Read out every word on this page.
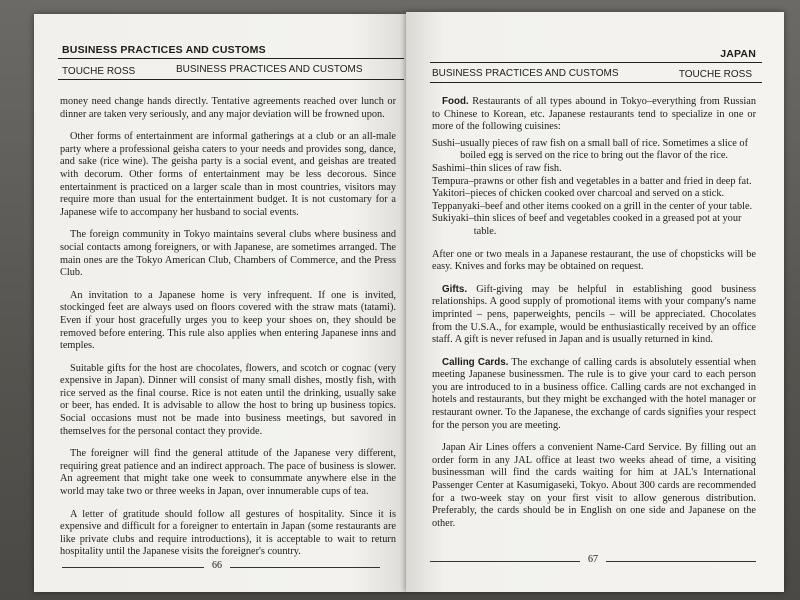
BUSINESS PRACTICES AND CUSTOMS
TOUCHE ROSS	BUSINESS PRACTICES AND CUSTOMS

money need change hands directly. Tentative agreements reached over lunch or dinner are taken very seriously, and any major deviation will be frowned upon.

Other forms of entertainment are informal gatherings at a club or an all-male party where a professional geisha caters to your needs and provides song, dance, and sake (rice wine). The geisha party is a social event, and geishas are treated with decorum. Other forms of entertainment may be less decorous. Since entertainment is practiced on a larger scale than in most countries, visitors may require more than usual for the entertainment budget. It is not customary for a Japanese wife to accompany her husband to social events.

The foreign community in Tokyo maintains several clubs where business and social contacts among foreigners, or with Japanese, are sometimes arranged. The main ones are the Tokyo American Club, Chambers of Commerce, and the Press Club.

An invitation to a Japanese home is very infrequent. If one is invited, stockinged feet are always used on floors covered with the straw mats (tatami). Even if your host gracefully urges you to keep your shoes on, they should be removed before entering. This rule also applies when entering Japanese inns and temples.

Suitable gifts for the host are chocolates, flowers, and scotch or cognac (very expensive in Japan). Dinner will consist of many small dishes, mostly fish, with rice served as the final course. Rice is not eaten until the drinking, usually sake or beer, has ended. It is advisable to allow the host to bring up business topics. Social occasions must not be made into business meetings, but savored in themselves for the personal contact they provide.

The foreigner will find the general attitude of the Japanese very different, requiring great patience and an indirect approach. The pace of business is slower. An agreement that might take one week to consummate anywhere else in the world may take two or three weeks in Japan, over innumerable cups of tea.

A letter of gratitude should follow all gestures of hospitality. Since it is expensive and difficult for a foreigner to entertain in Japan (some restaurants are like private clubs and require introductions), it is acceptable to wait to return hospitality until the Japanese visits the foreigner's country.

66
JAPAN
BUSINESS PRACTICES AND CUSTOMS	TOUCHE ROSS

Food. Restaurants of all types abound in Tokyo–everything from Russian to Chinese to Korean, etc. Japanese restaurants tend to specialize in one or more of the following cuisines:

Sushi – usually pieces of raw fish on a small ball of rice. Sometimes a slice of boiled egg is served on the rice to bring out the flavor of the rice.
Sashimi – thin slices of raw fish.
Tempura – prawns or other fish and vegetables in a batter and fried in deep fat.
Yakitori – pieces of chicken cooked over charcoal and served on a stick.
Teppanyaki – beef and other items cooked on a grill in the center of your table.
Sukiyaki – thin slices of beef and vegetables cooked in a greased pot at your table.

After one or two meals in a Japanese restaurant, the use of chopsticks will be easy. Knives and forks may be obtained on request.

Gifts. Gift-giving may be helpful in establishing good business relationships. A good supply of promotional items with your company's name imprinted – pens, paperweights, pencils – will be appreciated. Chocolates from the U.S.A., for example, would be enthusiastically received by an office staff. A gift is never refused in Japan and is usually returned in kind.

Calling Cards. The exchange of calling cards is absolutely essential when meeting Japanese businessmen. The rule is to give your card to each person you are introduced to in a business office. Calling cards are not exchanged in hotels and restaurants, but they might be exchanged with the hotel manager or restaurant owner. To the Japanese, the exchange of cards signifies your respect for the person you are meeting.

Japan Air Lines offers a convenient Name-Card Service. By filling out an order form in any JAL office at least two weeks ahead of time, a visiting businessman will find the cards waiting for him at JAL's International Passenger Center at Kasumigaseki, Tokyo. About 300 cards are recommended for a two-week stay on your first visit to allow generous distribution. Preferably, the cards should be in English on one side and Japanese on the other.

67
